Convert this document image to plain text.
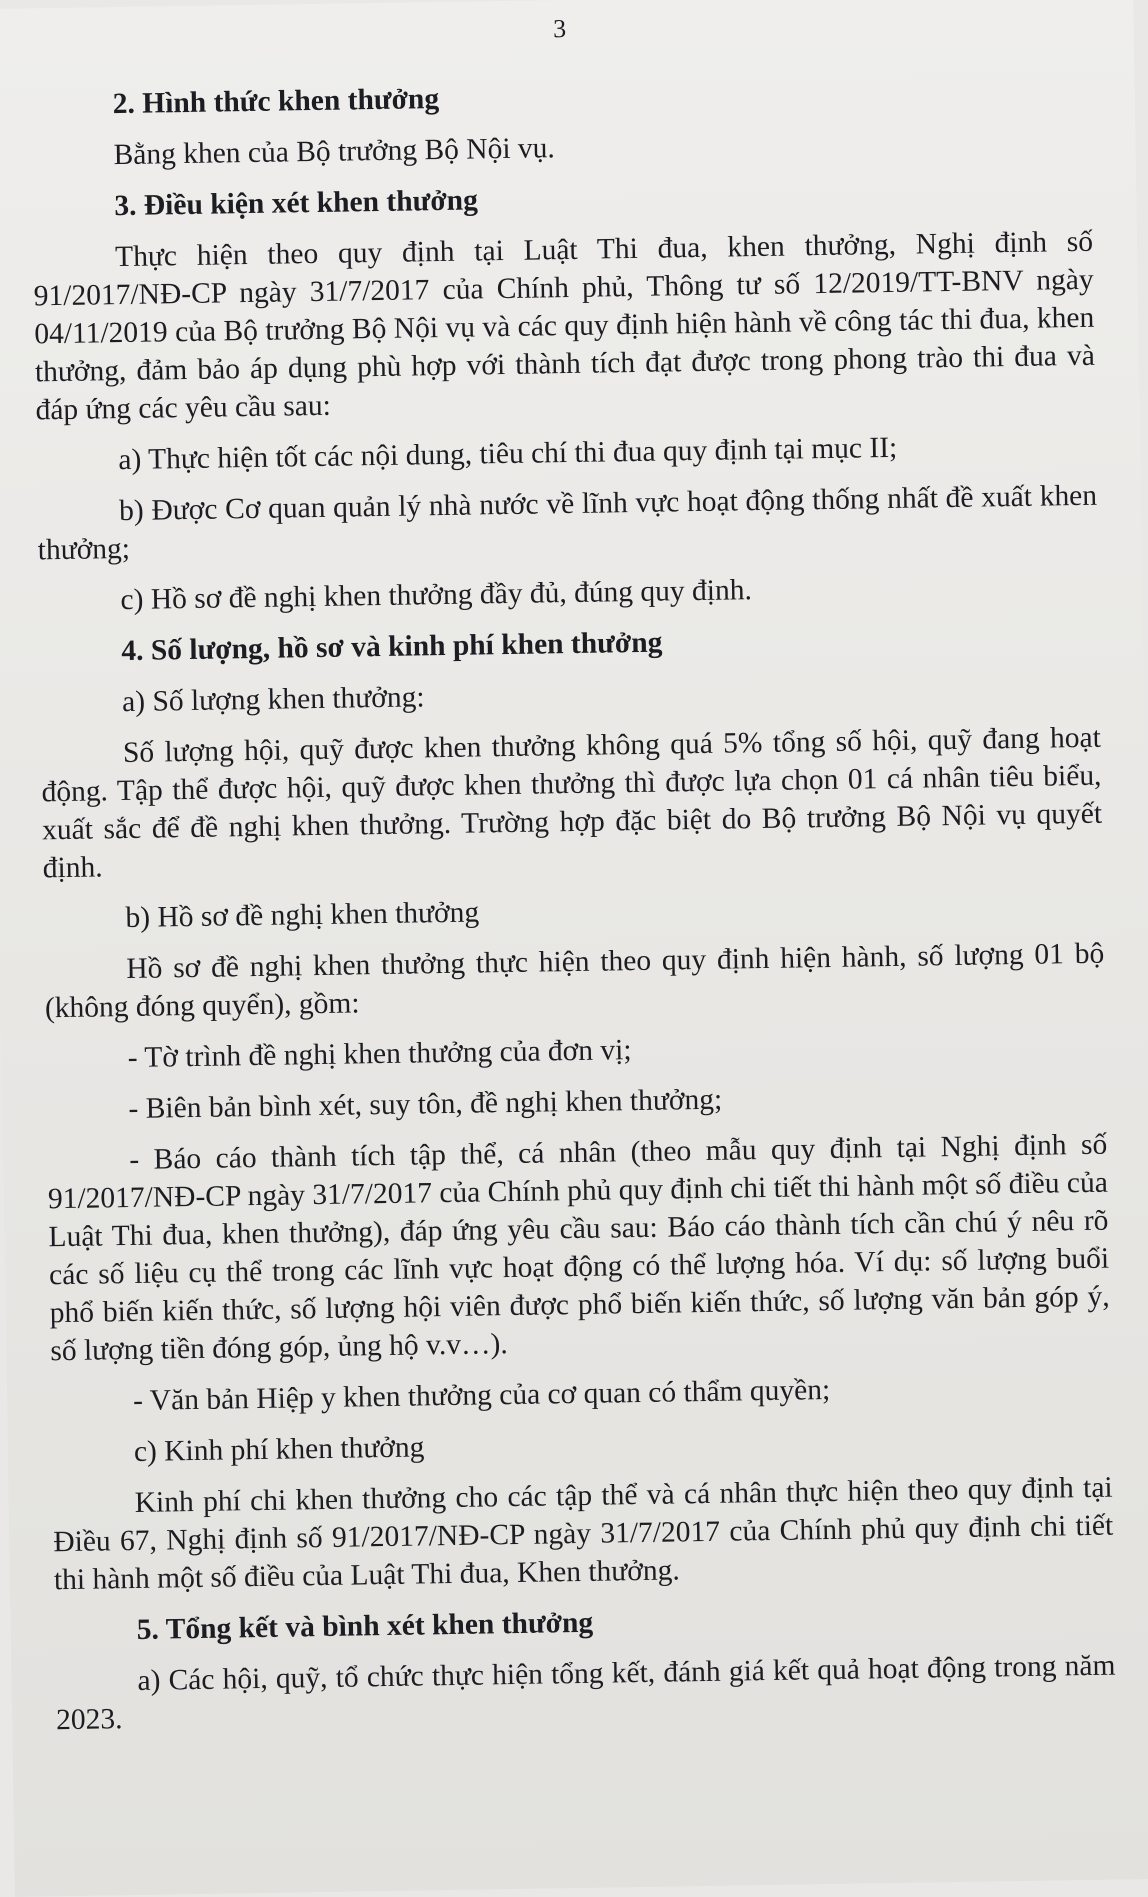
3
2. Hình thức khen thưởng
Bằng khen của Bộ trưởng Bộ Nội vụ.
3. Điều kiện xét khen thưởng
Thực hiện theo quy định tại Luật Thi đua, khen thưởng, Nghị định số 91/2017/NĐ-CP ngày 31/7/2017 của Chính phủ, Thông tư số 12/2019/TT-BNV ngày 04/11/2019 của Bộ trưởng Bộ Nội vụ và các quy định hiện hành về công tác thi đua, khen thưởng, đảm bảo áp dụng phù hợp với thành tích đạt được trong phong trào thi đua và đáp ứng các yêu cầu sau:
a) Thực hiện tốt các nội dung, tiêu chí thi đua quy định tại mục II;
b) Được Cơ quan quản lý nhà nước về lĩnh vực hoạt động thống nhất đề xuất khen thưởng;
c) Hồ sơ đề nghị khen thưởng đầy đủ, đúng quy định.
4. Số lượng, hồ sơ và kinh phí khen thưởng
a) Số lượng khen thưởng:
Số lượng hội, quỹ được khen thưởng không quá 5% tổng số hội, quỹ đang hoạt động. Tập thể được hội, quỹ được khen thưởng thì được lựa chọn 01 cá nhân tiêu biểu, xuất sắc để đề nghị khen thưởng. Trường hợp đặc biệt do Bộ trưởng Bộ Nội vụ quyết định.
b) Hồ sơ đề nghị khen thưởng
Hồ sơ đề nghị khen thưởng thực hiện theo quy định hiện hành, số lượng 01 bộ (không đóng quyển), gồm:
- Tờ trình đề nghị khen thưởng của đơn vị;
- Biên bản bình xét, suy tôn, đề nghị khen thưởng;
- Báo cáo thành tích tập thể, cá nhân (theo mẫu quy định tại Nghị định số 91/2017/NĐ-CP ngày 31/7/2017 của Chính phủ quy định chi tiết thi hành một số điều của Luật Thi đua, khen thưởng), đáp ứng yêu cầu sau: Báo cáo thành tích cần chú ý nêu rõ các số liệu cụ thể trong các lĩnh vực hoạt động có thể lượng hóa. Ví dụ: số lượng buổi phổ biến kiến thức, số lượng hội viên được phổ biến kiến thức, số lượng văn bản góp ý, số lượng tiền đóng góp, ủng hộ v.v…).
- Văn bản Hiệp y khen thưởng của cơ quan có thẩm quyền;
c) Kinh phí khen thưởng
Kinh phí chi khen thưởng cho các tập thể và cá nhân thực hiện theo quy định tại Điều 67, Nghị định số 91/2017/NĐ-CP ngày 31/7/2017 của Chính phủ quy định chi tiết thi hành một số điều của Luật Thi đua, Khen thưởng.
5. Tổng kết và bình xét khen thưởng
a) Các hội, quỹ, tổ chức thực hiện tổng kết, đánh giá kết quả hoạt động trong năm 2023.
